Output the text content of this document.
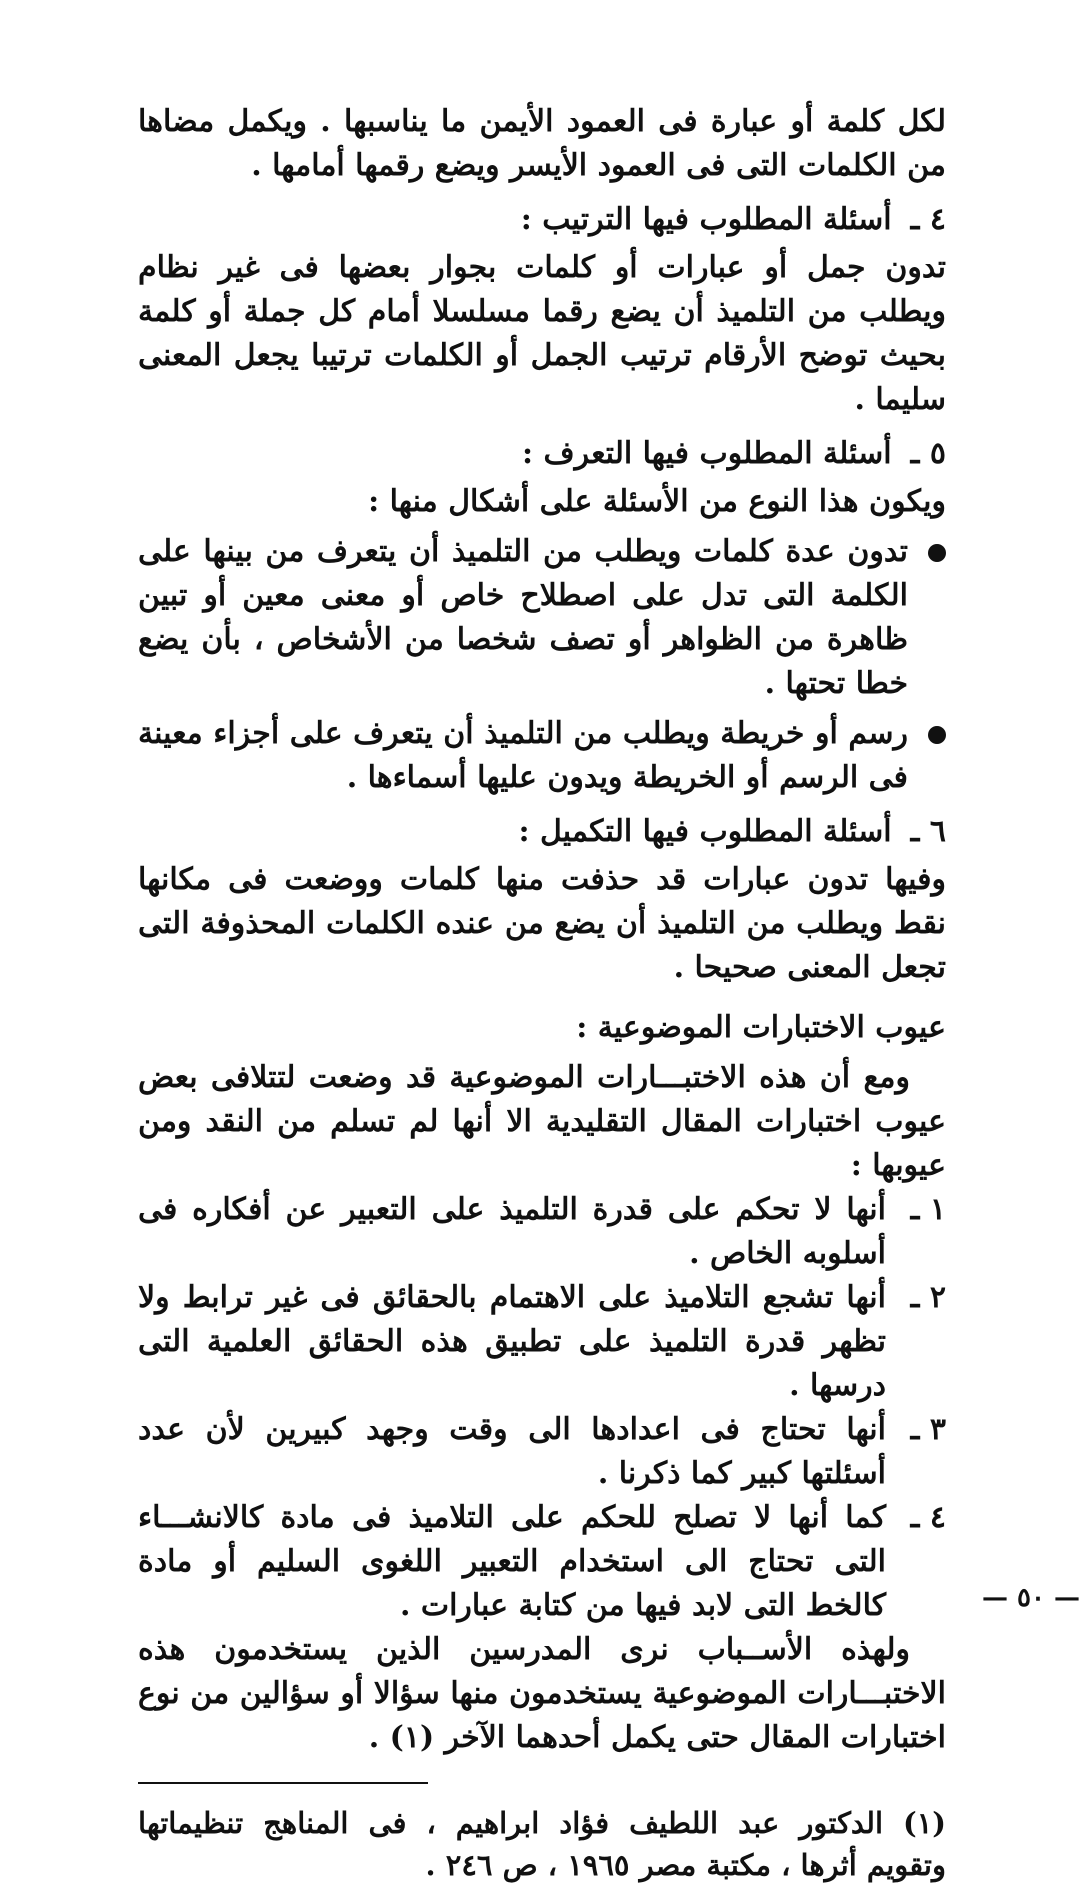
لكل كلمة أو عبارة فى العمود الأيمن ما يناسبها . ويكمل مضاها من الكلمات التى فى العمود الأيسر ويضع رقمها أمامها .

٤ ـ أسئلة المطلوب فيها الترتيب :

تدون جمل أو عبارات أو كلمات بجوار بعضها فى غير نظام ويطلب من التلميذ أن يضع رقما مسلسلا أمام كل جملة أو كلمة بحيث توضح الأرقام ترتيب الجمل أو الكلمات ترتيبا يجعل المعنى سليما .

٥ ـ أسئلة المطلوب فيها التعرف :

ويكون هذا النوع من الأسئلة على أشكال منها :

تدون عدة كلمات ويطلب من التلميذ أن يتعرف من بينها على الكلمة التى تدل على اصطلاح خاص أو معنى معين أو تبين ظاهرة من الظواهر أو تصف شخصا من الأشخاص ، بأن يضع خطا تحتها .

رسم أو خريطة ويطلب من التلميذ أن يتعرف على أجزاء معينة فى الرسم أو الخريطة ويدون عليها أسماءها .

٦ ـ أسئلة المطلوب فيها التكميل :

وفيها تدون عبارات قد حذفت منها كلمات ووضعت فى مكانها نقط ويطلب من التلميذ أن يضع من عنده الكلمات المحذوفة التى تجعل المعنى صحيحا .

عيوب الاختبارات الموضوعية :

ومع أن هذه الاختبـــارات الموضوعية قد وضعت لتتلافى بعض عيوب اختبارات المقال التقليدية الا أنها لم تسلم من النقد ومن عيوبها :

١ ـ
أنها لا تحكم على قدرة التلميذ على التعبير عن أفكاره فى أسلوبه الخاص .

٢ ـ
أنها تشجع التلاميذ على الاهتمام بالحقائق فى غير ترابط ولا تظهر قدرة التلميذ على تطبيق هذه الحقائق العلمية التى درسها .

٣ ـ
أنها تحتاج فى اعدادها الى وقت وجهد كبيرين لأن عدد أسئلتها كبير كما ذكرنا .

٤ ـ
كما أنها لا تصلح للحكم على التلاميذ فى مادة كالانشـــاء التى تحتاج الى استخدام التعبير اللغوى السليم أو مادة كالخط التى لابد فيها من كتابة عبارات .

ولهذه الأســباب نرى المدرسين الذين يستخدمون هذه الاختبـــارات الموضوعية يستخدمون منها سؤالا أو سؤالين من نوع اختبارات المقال حتى يكمل أحدهما الآخر (١) .

(١) الدكتور عبد اللطيف فؤاد ابراهيم ، فى المناهج تنظيماتها وتقويم أثرها ، مكتبة مصر ١٩٦٥ ، ص ٢٤٦ .

— ٥٠ —
